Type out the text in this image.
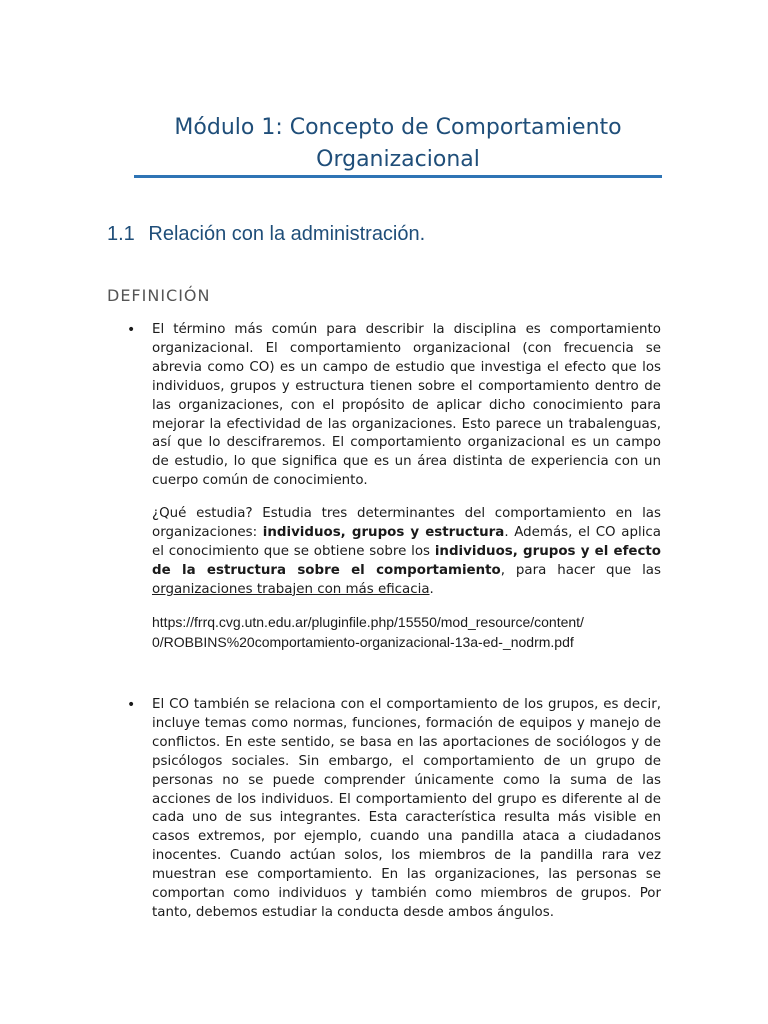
Módulo 1: Concepto de Comportamiento
Organizacional
1.1 Relación con la administración.
DEFINICIÓN
• El término más común para describir la disciplina es comportamiento organizacional. El comportamiento organizacional (con frecuencia se abrevia como CO) es un campo de estudio que investiga el efecto que los individuos, grupos y estructura tienen sobre el comportamiento dentro de las organizaciones, con el propósito de aplicar dicho conocimiento para mejorar la efectividad de las organizaciones. Esto parece un trabalenguas, así que lo descifraremos. El comportamiento organizacional es un campo de estudio, lo que significa que es un área distinta de experiencia con un cuerpo común de conocimiento.
¿Qué estudia? Estudia tres determinantes del comportamiento en las organizaciones: individuos, grupos y estructura. Además, el CO aplica el conocimiento que se obtiene sobre los individuos, grupos y el efecto de la estructura sobre el comportamiento, para hacer que las organizaciones trabajen con más eficacia.
https://frrq.cvg.utn.edu.ar/pluginfile.php/15550/mod_resource/content/
0/ROBBINS%20comportamiento-organizacional-13a-ed-_nodrm.pdf
• El CO también se relaciona con el comportamiento de los grupos, es decir, incluye temas como normas, funciones, formación de equipos y manejo de conflictos. En este sentido, se basa en las aportaciones de sociólogos y de psicólogos sociales. Sin embargo, el comportamiento de un grupo de personas no se puede comprender únicamente como la suma de las acciones de los individuos. El comportamiento del grupo es diferente al de cada uno de sus integrantes. Esta característica resulta más visible en casos extremos, por ejemplo, cuando una pandilla ataca a ciudadanos inocentes. Cuando actúan solos, los miembros de la pandilla rara vez muestran ese comportamiento. En las organizaciones, las personas se comportan como individuos y también como miembros de grupos. Por tanto, debemos estudiar la conducta desde ambos ángulos.
